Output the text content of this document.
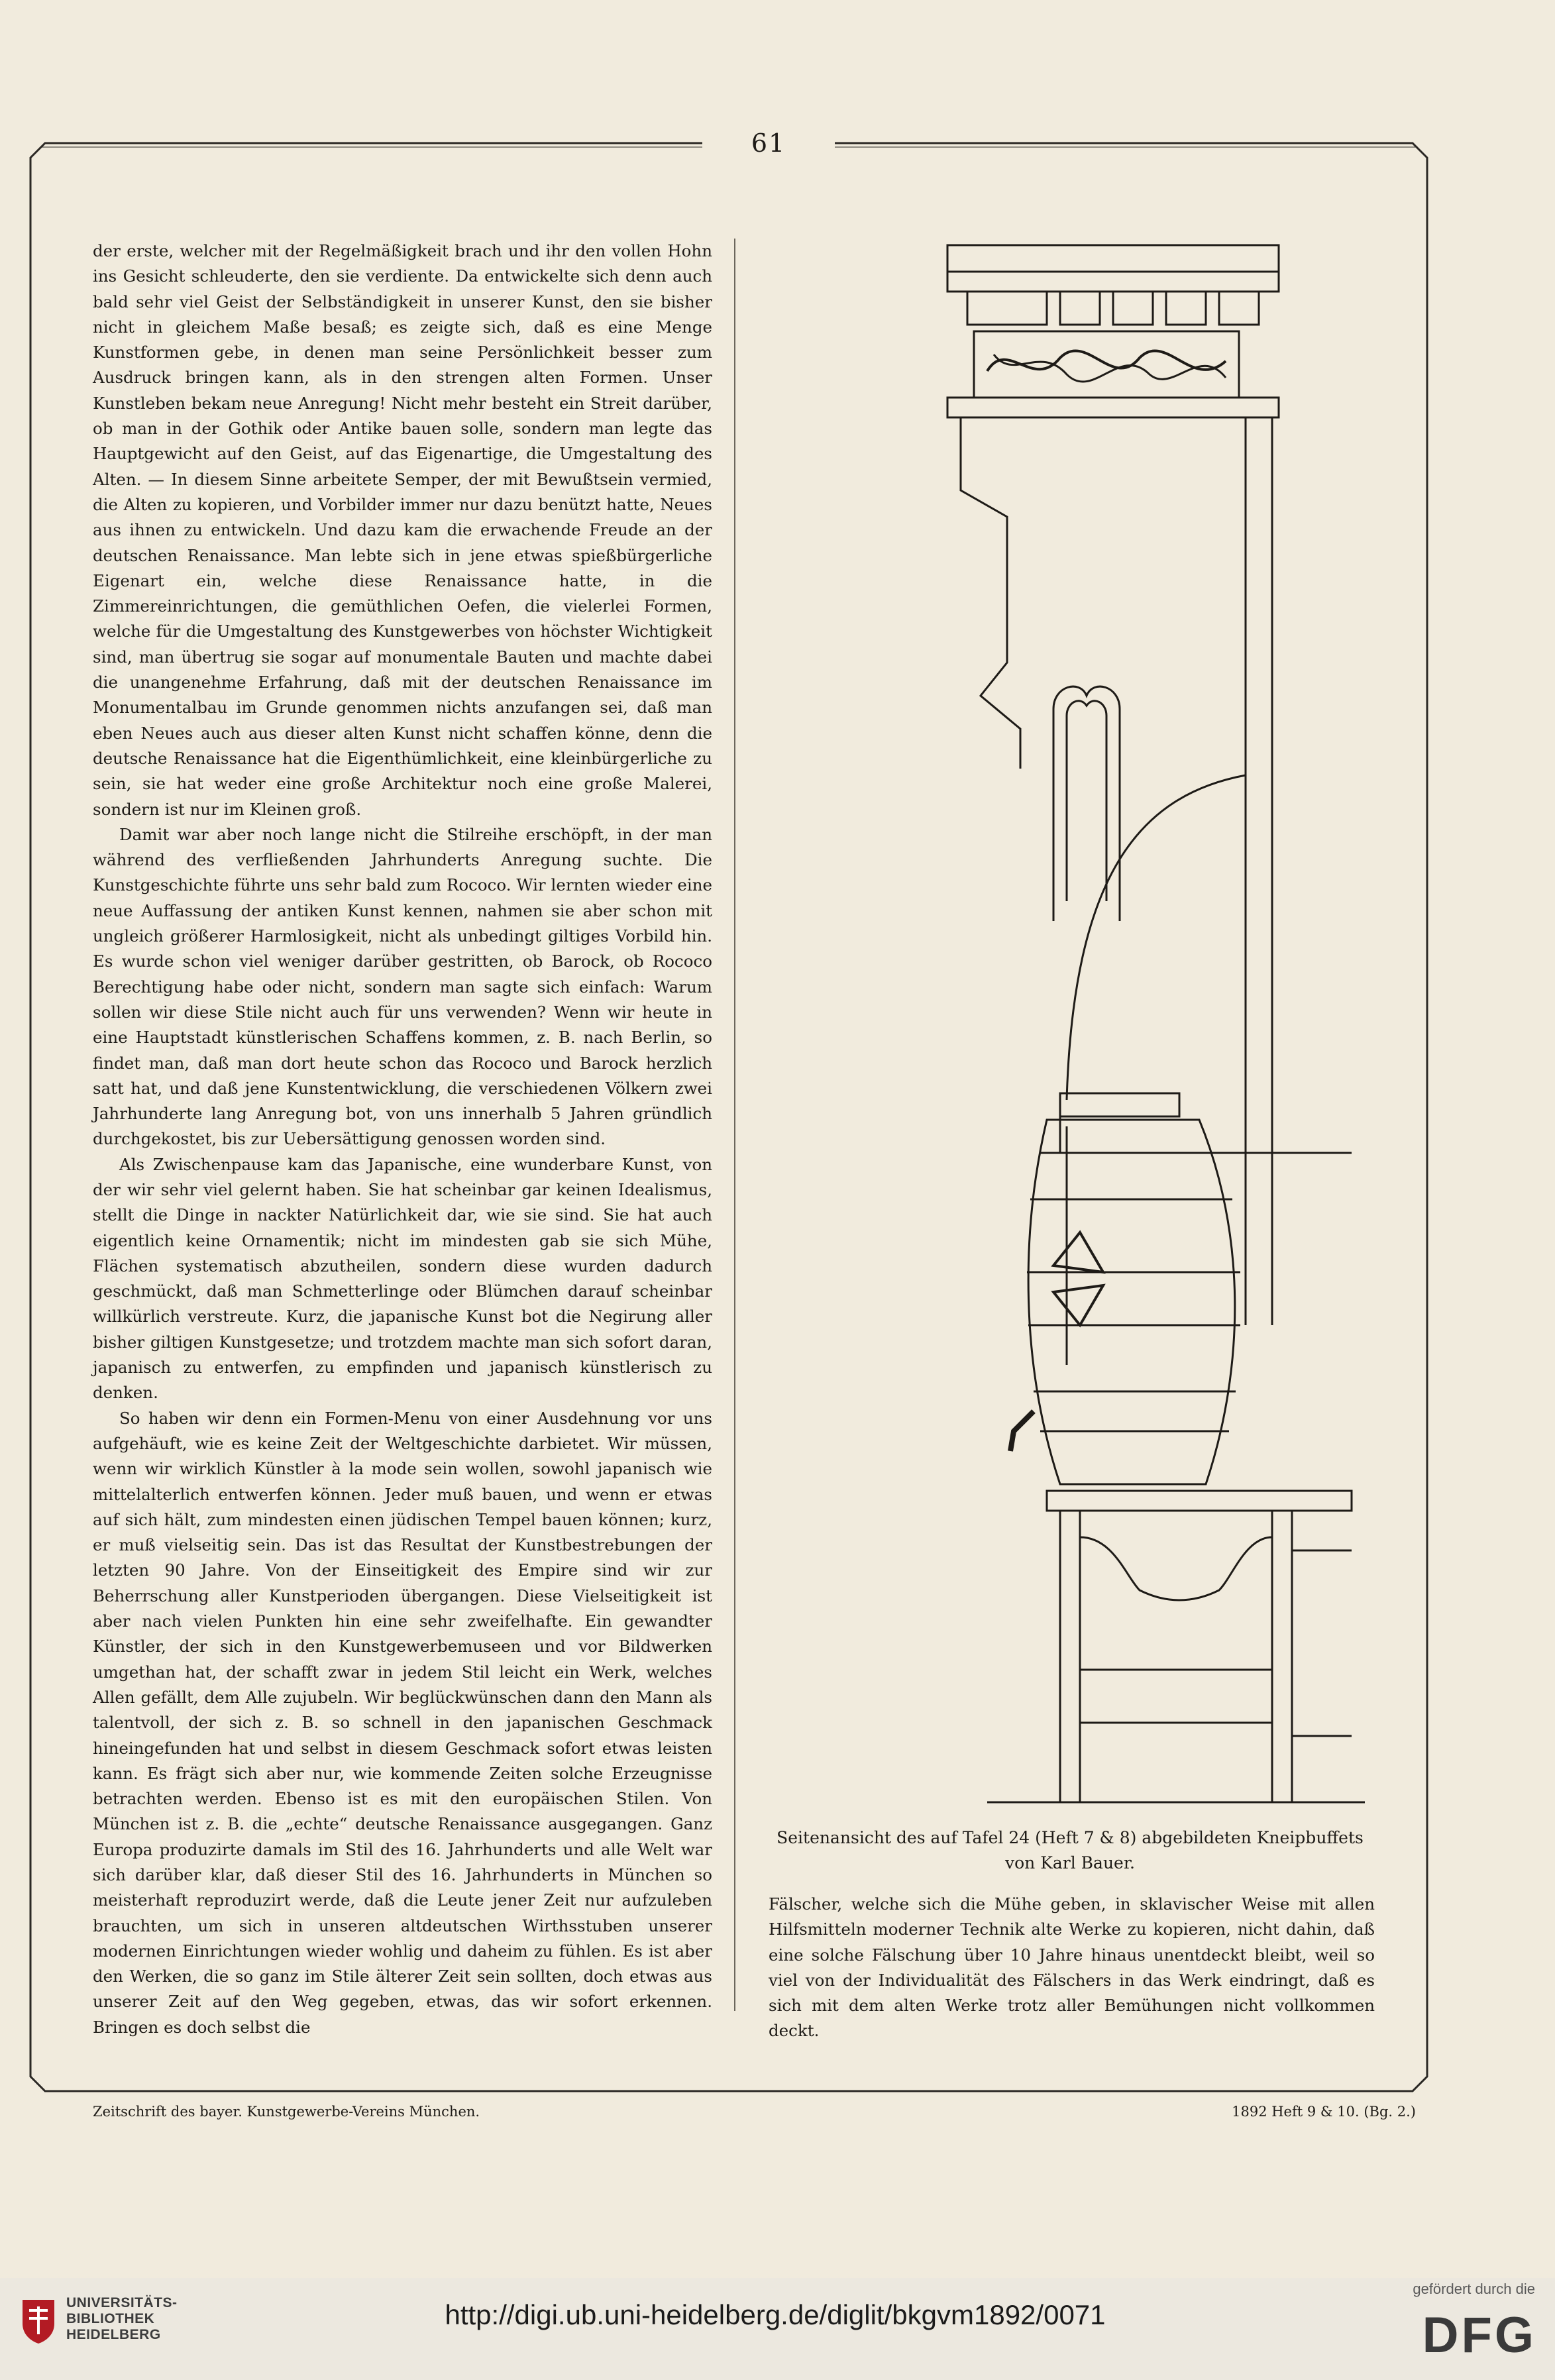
61

der erste, welcher mit der Regelmäßigkeit brach und ihr den vollen Hohn ins Gesicht schleuderte, den sie verdiente. Da entwickelte sich denn auch bald sehr viel Geist der Selbständigkeit in unserer Kunst, den sie bisher nicht in gleichem Maße besaß; es zeigte sich, daß es eine Menge Kunstformen gebe, in denen man seine Persönlichkeit besser zum Ausdruck bringen kann, als in den strengen alten Formen. Unser Kunstleben bekam neue Anregung! Nicht mehr besteht ein Streit darüber, ob man in der Gothik oder Antike bauen solle, sondern man legte das Hauptgewicht auf den Geist, auf das Eigenartige, die Umgestaltung des Alten. — In diesem Sinne arbeitete Semper, der mit Bewußtsein vermied, die Alten zu kopieren, und Vorbilder immer nur dazu benützt hatte, Neues aus ihnen zu entwickeln. Und dazu kam die erwachende Freude an der deutschen Renaissance. Man lebte sich in jene etwas spießbürgerliche Eigenart ein, welche diese Renaissance hatte, in die Zimmereinrichtungen, die gemüthlichen Oefen, die vielerlei Formen, welche für die Umgestaltung des Kunstgewerbes von höchster Wichtigkeit sind, man übertrug sie sogar auf monumentale Bauten und machte dabei die unangenehme Erfahrung, daß mit der deutschen Renaissance im Monumentalbau im Grunde genommen nichts anzufangen sei, daß man eben Neues auch aus dieser alten Kunst nicht schaffen könne, denn die deutsche Renaissance hat die Eigenthümlichkeit, eine kleinbürgerliche zu sein, sie hat weder eine große Architektur noch eine große Malerei, sondern ist nur im Kleinen groß.

Damit war aber noch lange nicht die Stilreihe erschöpft, in der man während des verfließenden Jahrhunderts Anregung suchte. Die Kunstgeschichte führte uns sehr bald zum Rococo. Wir lernten wieder eine neue Auffassung der antiken Kunst kennen, nahmen sie aber schon mit ungleich größerer Harmlosigkeit, nicht als unbedingt giltiges Vorbild hin. Es wurde schon viel weniger darüber gestritten, ob Barock, ob Rococo Berechtigung habe oder nicht, sondern man sagte sich einfach: Warum sollen wir diese Stile nicht auch für uns verwenden? Wenn wir heute in eine Hauptstadt künstlerischen Schaffens kommen, z. B. nach Berlin, so findet man, daß man dort heute schon das Rococo und Barock herzlich satt hat, und daß jene Kunstentwicklung, die verschiedenen Völkern zwei Jahrhunderte lang Anregung bot, von uns innerhalb 5 Jahren gründlich durchgekostet, bis zur Uebersättigung genossen worden sind.

Als Zwischenpause kam das Japanische, eine wunderbare Kunst, von der wir sehr viel gelernt haben. Sie hat scheinbar gar keinen Idealismus, stellt die Dinge in nackter Natürlichkeit dar, wie sie sind. Sie hat auch eigentlich keine Ornamentik; nicht im mindesten gab sie sich Mühe, Flächen systematisch abzutheilen, sondern diese wurden dadurch geschmückt, daß man Schmetterlinge oder Blümchen darauf scheinbar willkürlich verstreute. Kurz, die japanische Kunst bot die Negirung aller bisher giltigen Kunstgesetze; und trotzdem machte man sich sofort daran, japanisch zu entwerfen, zu empfinden und japanisch künstlerisch zu denken.

So haben wir denn ein Formen-Menu von einer Ausdehnung vor uns aufgehäuft, wie es keine Zeit der Weltgeschichte darbietet. Wir müssen, wenn wir wirklich Künstler à la mode sein wollen, sowohl japanisch wie mittelalterlich entwerfen können. Jeder muß bauen, und wenn er etwas auf sich hält, zum mindesten einen jüdischen Tempel bauen können; kurz, er muß vielseitig sein. Das ist das Resultat der Kunstbestrebungen der letzten 90 Jahre. Von der Einseitigkeit des Empire sind wir zur Beherrschung aller Kunstperioden übergangen. Diese Vielseitigkeit ist aber nach vielen Punkten hin eine sehr zweifelhafte. Ein gewandter Künstler, der sich in den Kunstgewerbemuseen und vor Bildwerken umgethan hat, der schafft zwar in jedem Stil leicht ein Werk, welches Allen gefällt, dem Alle zujubeln. Wir beglückwünschen dann den Mann als talentvoll, der sich z. B. so schnell in den japanischen Geschmack hineingefunden hat und selbst in diesem Geschmack sofort etwas leisten kann. Es frägt sich aber nur, wie kommende Zeiten solche Erzeugnisse betrachten werden. Ebenso ist es mit den europäischen Stilen. Von München ist z. B. die „echte“ deutsche Renaissance ausgegangen. Ganz Europa produzirte damals im Stil des 16. Jahrhunderts und alle Welt war sich darüber klar, daß dieser Stil des 16. Jahrhunderts in München so meisterhaft reproduzirt werde, daß die Leute jener Zeit nur aufzuleben brauchten, um sich in unseren altdeutschen Wirthsstuben unserer modernen Einrichtungen wieder wohlig und daheim zu fühlen. Es ist aber den Werken, die so ganz im Stile älterer Zeit sein sollten, doch etwas aus unserer Zeit auf den Weg gegeben, etwas, das wir sofort erkennen. Bringen es doch selbst die

Seitenansicht des auf Tafel 24 (Heft 7 & 8) abgebildeten Kneipbuffets von Karl Bauer.
Fälscher, welche sich die Mühe geben, in sklavischer Weise mit allen Hilfsmitteln moderner Technik alte Werke zu kopieren, nicht dahin, daß eine solche Fälschung über 10 Jahre hinaus unentdeckt bleibt, weil so viel von der Individualität des Fälschers in das Werk eindringt, daß es sich mit dem alten Werke trotz aller Bemühungen nicht vollkommen deckt.
Zeitschrift des bayer. Kunstgewerbe-Vereins München.	1892 Heft 9 & 10. (Bg. 2.)
UNIVERSITÄTS-
BIBLIOTHEK
HEIDELBERG
http://digi.ub.uni-heidelberg.de/diglit/bkgvm1892/0071
gefördert durch die
DFG
